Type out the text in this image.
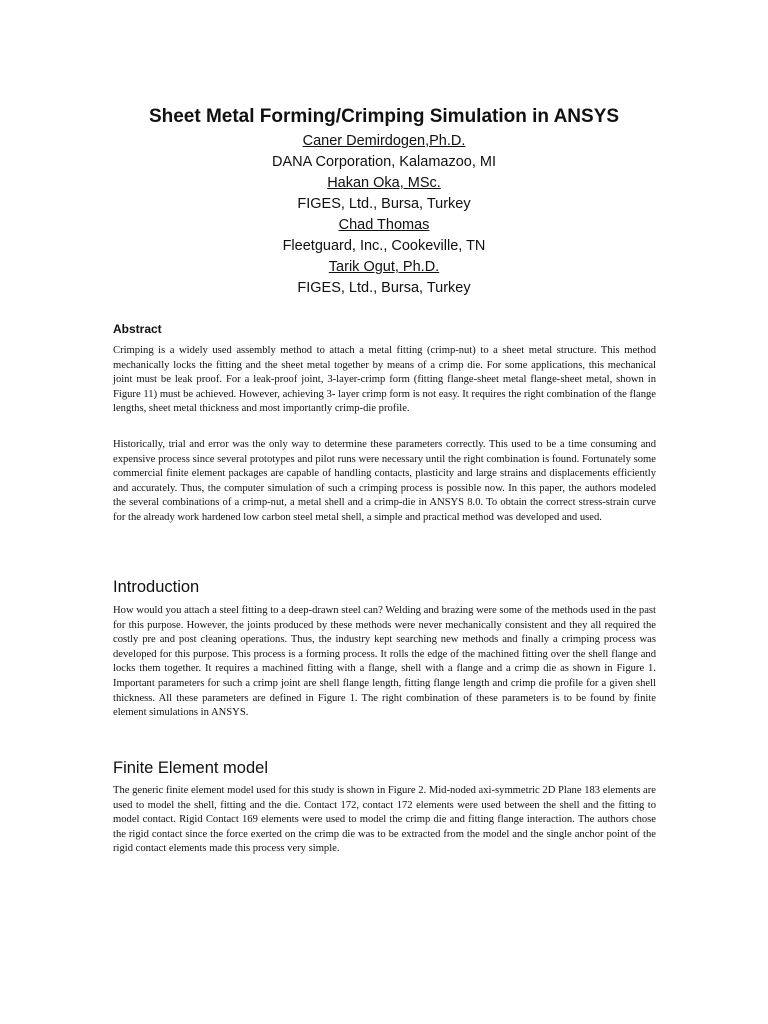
Sheet Metal Forming/Crimping Simulation in ANSYS
Caner Demirdogen,Ph.D.
DANA Corporation, Kalamazoo, MI
Hakan Oka, MSc.
FIGES, Ltd., Bursa, Turkey
Chad Thomas
Fleetguard, Inc., Cookeville, TN
Tarik Ogut, Ph.D.
FIGES, Ltd., Bursa, Turkey
Abstract

Crimping is a widely used assembly method to attach a metal fitting (crimp-nut) to a sheet metal structure. This method mechanically locks the fitting and the sheet metal together by means of a crimp die. For some applications, this mechanical joint must be leak proof. For a leak-proof joint, 3-layer-crimp form (fitting flange-sheet metal flange-sheet metal, shown in Figure 11) must be achieved. However, achieving 3- layer crimp form is not easy. It requires the right combination of the flange lengths, sheet metal thickness and most importantly crimp-die profile.

Historically, trial and error was the only way to determine these parameters correctly. This used to be a time consuming and expensive process since several prototypes and pilot runs were necessary until the right combination is found. Fortunately some commercial finite element packages are capable of handling contacts, plasticity and large strains and displacements efficiently and accurately. Thus, the computer simulation of such a crimping process is possible now. In this paper, the authors modeled the several combinations of a crimp-nut, a metal shell and a crimp-die in ANSYS 8.0. To obtain the correct stress-strain curve for the already work hardened low carbon steel metal shell, a simple and practical method was developed and used.

Introduction

How would you attach a steel fitting to a deep-drawn steel can? Welding and brazing were some of the methods used in the past for this purpose. However, the joints produced by these methods were never mechanically consistent and they all required the costly pre and post cleaning operations. Thus, the industry kept searching new methods and finally a crimping process was developed for this purpose. This process is a forming process. It rolls the edge of the machined fitting over the shell flange and locks them together. It requires a machined fitting with a flange, shell with a flange and a crimp die as shown in Figure 1. Important parameters for such a crimp joint are shell flange length, fitting flange length and crimp die profile for a given shell thickness. All these parameters are defined in Figure 1. The right combination of these parameters is to be found by finite element simulations in ANSYS.

Finite Element model

The generic finite element model used for this study is shown in Figure 2. Mid-noded axi-symmetric 2D Plane 183 elements are used to model the shell, fitting and the die. Contact 172, contact 172 elements were used between the shell and the fitting to model contact. Rigid Contact 169 elements were used to model the crimp die and fitting flange interaction. The authors chose the rigid contact since the force exerted on the crimp die was to be extracted from the model and the single anchor point of the rigid contact elements made this process very simple.
